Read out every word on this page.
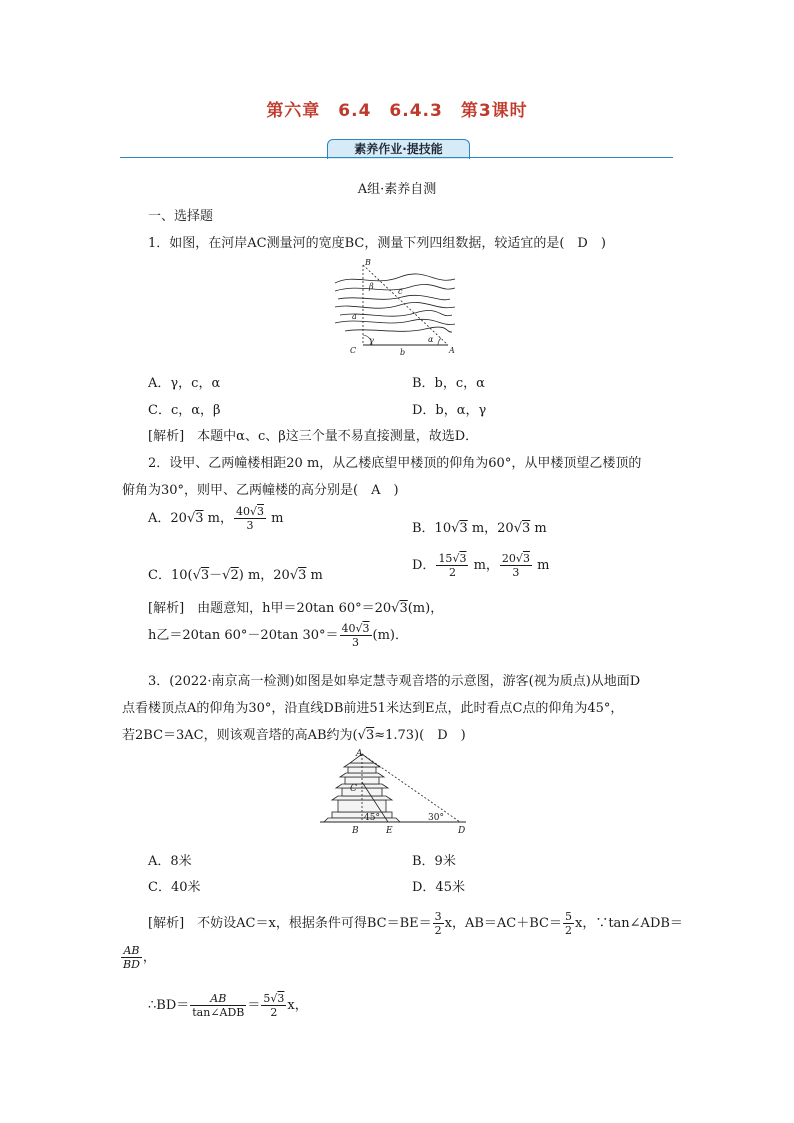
第六章　6.4　6.4.3　第3课时
素养作业·提技能
A组·素养自测
一、选择题
1．如图，在河岸AC测量河的宽度BC，测量下列四组数据，较适宜的是(　D　)
B
β
c
a
C
γ
b
α
A
A．γ，c，α	B．b，c，α
C．c，α，β	D．b，α，γ
[解析]　 本题中α、c、β这三个量不易直接测量，故选D．
2．设甲、乙两幢楼相距20 m，从乙楼底望甲楼顶的仰角为60°，从甲楼顶望乙楼顶的
俯角为30°，则甲、乙两幢楼的高分别是(　A　)
A．20√3 m， $\frac{40√3}{3}$ m
B．10√3 m，20√3 m
C．10(√3－√2) m，20√3 m
D． $\frac{15√3}{2}$ m， $\frac{20√3}{3}$ m
[解析]　 由题意知，h甲＝20tan 60°＝20√3(m)，
h乙＝20tan 60°－20tan $30^\circ= \frac{40√3}{3} (m)$．
3．(2022·南京高一检测)如图是如皋定慧寺观音塔的示意图，游客(视为质点)从地面D
点看楼顶点A的仰角为30°，沿直线DB前进51米达到E点，此时看点C点的仰角为45°，
若2BC＝3AC，则该观音塔的高AB约为(√3≈1.73)(　D　)
A
C
45°	30°
B	E	D
A．8米	B．9米
C．40米	D．45米
[解析]　 不妨设AC＝x，根据条件可得$BC=BE= \frac{3}{2}$ x，$AB=AC+BC= \frac{5}{2}$ x，∵tan∠ADB＝
$\frac{AB}{BD}$ ，
∴BD＝ $\frac{AB}{\text{tan∠ADB}} = \frac{5√3}{2}$ x，
